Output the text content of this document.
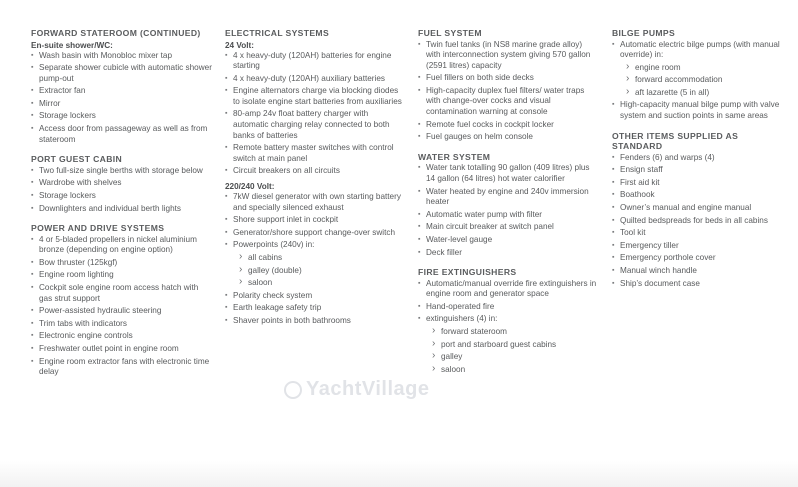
FORWARD STATEROOM (CONTINUED)
En-suite shower/WC:
▪ Wash basin with Monobloc mixer tap
▪ Separate shower cubicle with automatic shower pump-out
▪ Extractor fan
▪ Mirror
▪ Storage lockers
▪ Access door from passageway as well as from stateroom
PORT GUEST CABIN
▪ Two full-size single berths with storage below
▪ Wardrobe with shelves
▪ Storage lockers
▪ Downlighters and individual berth lights
POWER AND DRIVE SYSTEMS
▪ 4 or 5-bladed propellers in nickel aluminium bronze (depending on engine option)
▪ Bow thruster (125kgf)
▪ Engine room lighting
▪ Cockpit sole engine room access hatch with gas strut support
▪ Power-assisted hydraulic steering
▪ Trim tabs with indicators
▪ Electronic engine controls
▪ Freshwater outlet point in engine room
▪ Engine room extractor fans with electronic time delay
ELECTRICAL SYSTEMS
24 Volt:
▪ 4 x heavy-duty (120AH) batteries for engine starting
▪ 4 x heavy-duty (120AH) auxiliary batteries
▪ Engine alternators charge via blocking diodes to isolate engine start batteries from auxiliaries
▪ 80-amp 24v float battery charger with automatic charging relay connected to both banks of batteries
▪ Remote battery master switches with control switch at main panel
▪ Circuit breakers on all circuits
220/240 Volt:
▪ 7kW diesel generator with own starting battery and specially silenced exhaust
▪ Shore support inlet in cockpit
▪ Generator/shore support change-over switch
▪ Powerpoints (240v) in:
› all cabins
› galley (double)
› saloon
▪ Polarity check system
▪ Earth leakage safety trip
▪ Shaver points in both bathrooms
FUEL SYSTEM
▪ Twin fuel tanks (in NS8 marine grade alloy) with interconnection system giving 570 gallon (2591 litres) capacity
▪ Fuel fillers on both side decks
▪ High-capacity duplex fuel filters/ water traps with change-over cocks and visual contamination warning at console
▪ Remote fuel cocks in cockpit locker
▪ Fuel gauges on helm console
WATER SYSTEM
▪ Water tank totalling 90 gallon (409 litres) plus 14 gallon (64 litres) hot water calorifier
▪ Water heated by engine and 240v immersion heater
▪ Automatic water pump with filter
▪ Main circuit breaker at switch panel
▪ Water-level gauge
▪ Deck filler
FIRE EXTINGUISHERS
▪ Automatic/manual override fire extinguishers in engine room and generator space
▪ Hand-operated fire
▪ extinguishers (4) in:
› forward stateroom
› port and starboard guest cabins
› galley
› saloon
BILGE PUMPS
▪ Automatic electric bilge pumps (with manual override) in:
› engine room
› forward accommodation
› aft lazarette (5 in all)
▪ High-capacity manual bilge pump with valve system and suction points in same areas
OTHER ITEMS SUPPLIED AS STANDARD
▪ Fenders (6) and warps (4)
▪ Ensign staff
▪ First aid kit
▪ Boathook
▪ Owner’s manual and engine manual
▪ Quilted bedspreads for beds in all cabins
▪ Tool kit
▪ Emergency tiller
▪ Emergency porthole cover
▪ Manual winch handle
▪ Ship’s document case
YachtVillage
